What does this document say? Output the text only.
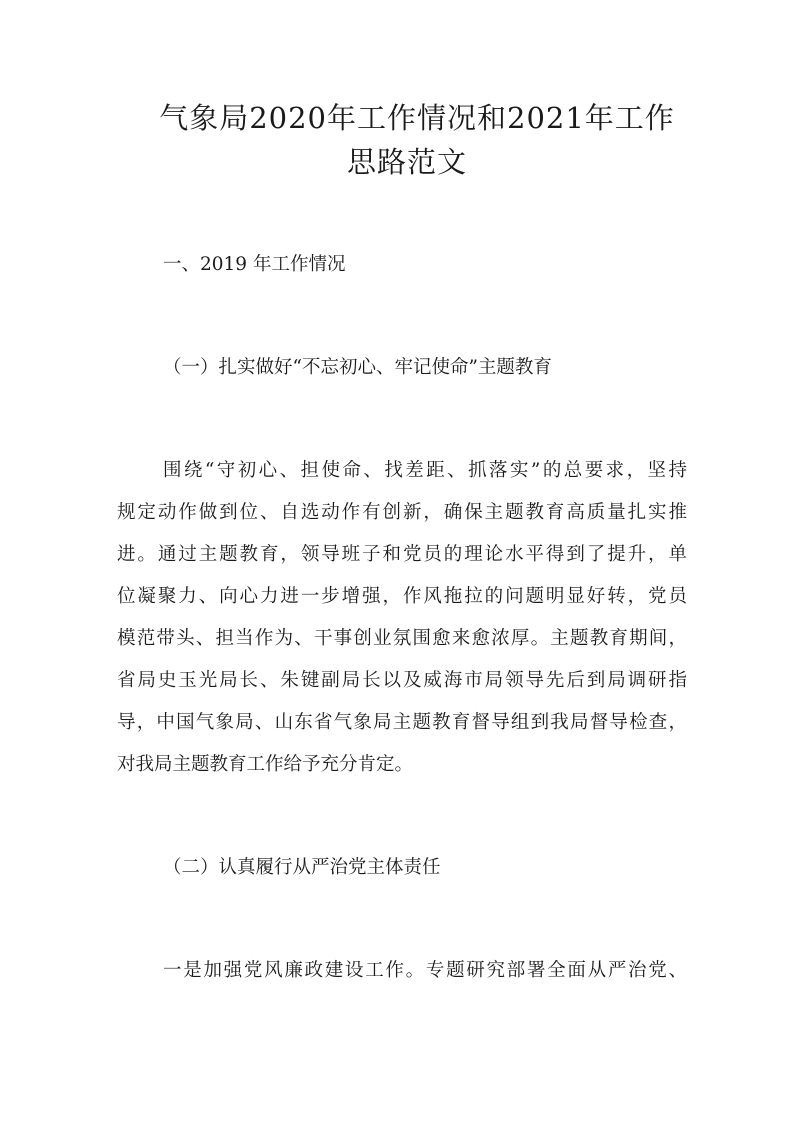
气象局2020年工作情况和2021年工作
思路范文
一、2019 年工作情况
（一）扎实做好“不忘初心、牢记使命”主题教育
围绕“守初心、担使命、找差距、抓落实”的总要求，坚持
规定动作做到位、自选动作有创新，确保主题教育高质量扎实推
进。通过主题教育，领导班子和党员的理论水平得到了提升，单
位凝聚力、向心力进一步增强，作风拖拉的问题明显好转，党员
模范带头、担当作为、干事创业氛围愈来愈浓厚。主题教育期间，
省局史玉光局长、朱键副局长以及威海市局领导先后到局调研指
导，中国气象局、山东省气象局主题教育督导组到我局督导检查，
对我局主题教育工作给予充分肯定。
（二）认真履行从严治党主体责任
一是加强党风廉政建设工作。专题研究部署全面从严治党、
